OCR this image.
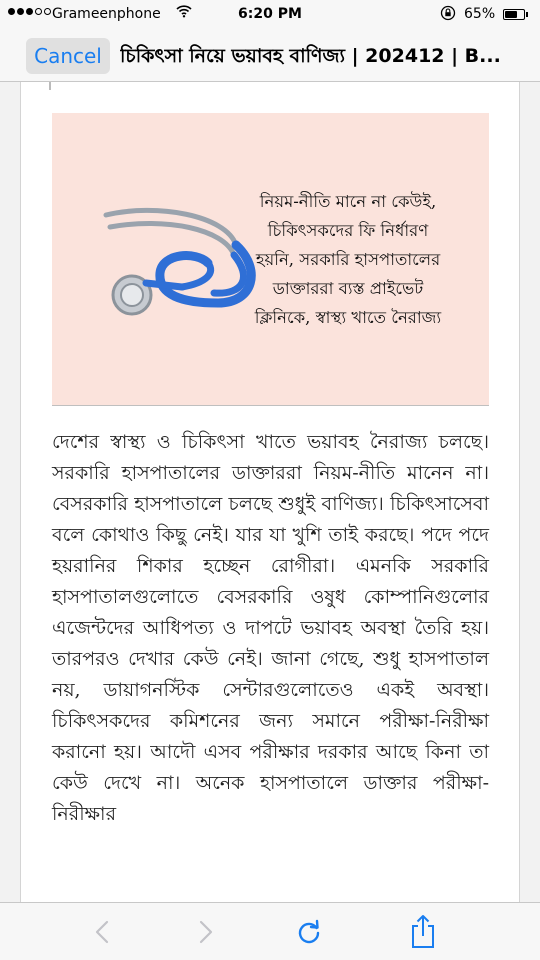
Grameenphone	6:20 PM	65%
Cancel চিকিৎসা নিয়ে ভয়াবহ বাণিজ্য | 202412 | B...

নিয়ম-নীতি মানে না কেউই,
চিকিৎসকদের ফি নির্ধারণ
হয়নি, সরকারি হাসপাতালের
ডাক্তাররা ব্যস্ত প্রাইভেট
ক্লিনিকে, স্বাস্থ্য খাতে নৈরাজ্য

দেশের স্বাস্থ্য ও চিকিৎসা খাতে ভয়াবহ নৈরাজ্য চলছে। সরকারি হাসপাতালের ডাক্তাররা নিয়ম-নীতি মানেন না। বেসরকারি হাসপাতালে চলছে শুধুই বাণিজ্য। চিকিৎসাসেবা বলে কোথাও কিছু নেই। যার যা খুশি তাই করছে। পদে পদে হয়রানির শিকার হচ্ছেন রোগীরা। এমনকি সরকারি হাসপাতালগুলোতে বেসরকারি ওষুধ কোম্পানিগুলোর এজেন্টদের আধিপত্য ও দাপটে ভয়াবহ অবস্থা তৈরি হয়। তারপরও দেখার কেউ নেই। জানা গেছে, শুধু হাসপাতাল নয়, ডায়াগনস্টিক সেন্টারগুলোতেও একই অবস্থা। চিকিৎসকদের কমিশনের জন্য সমানে পরীক্ষা-নিরীক্ষা করানো হয়। আদৌ এসব পরীক্ষার দরকার আছে কিনা তা কেউ দেখে না। অনেক হাসপাতালে ডাক্তার পরীক্ষা-নিরীক্ষার
